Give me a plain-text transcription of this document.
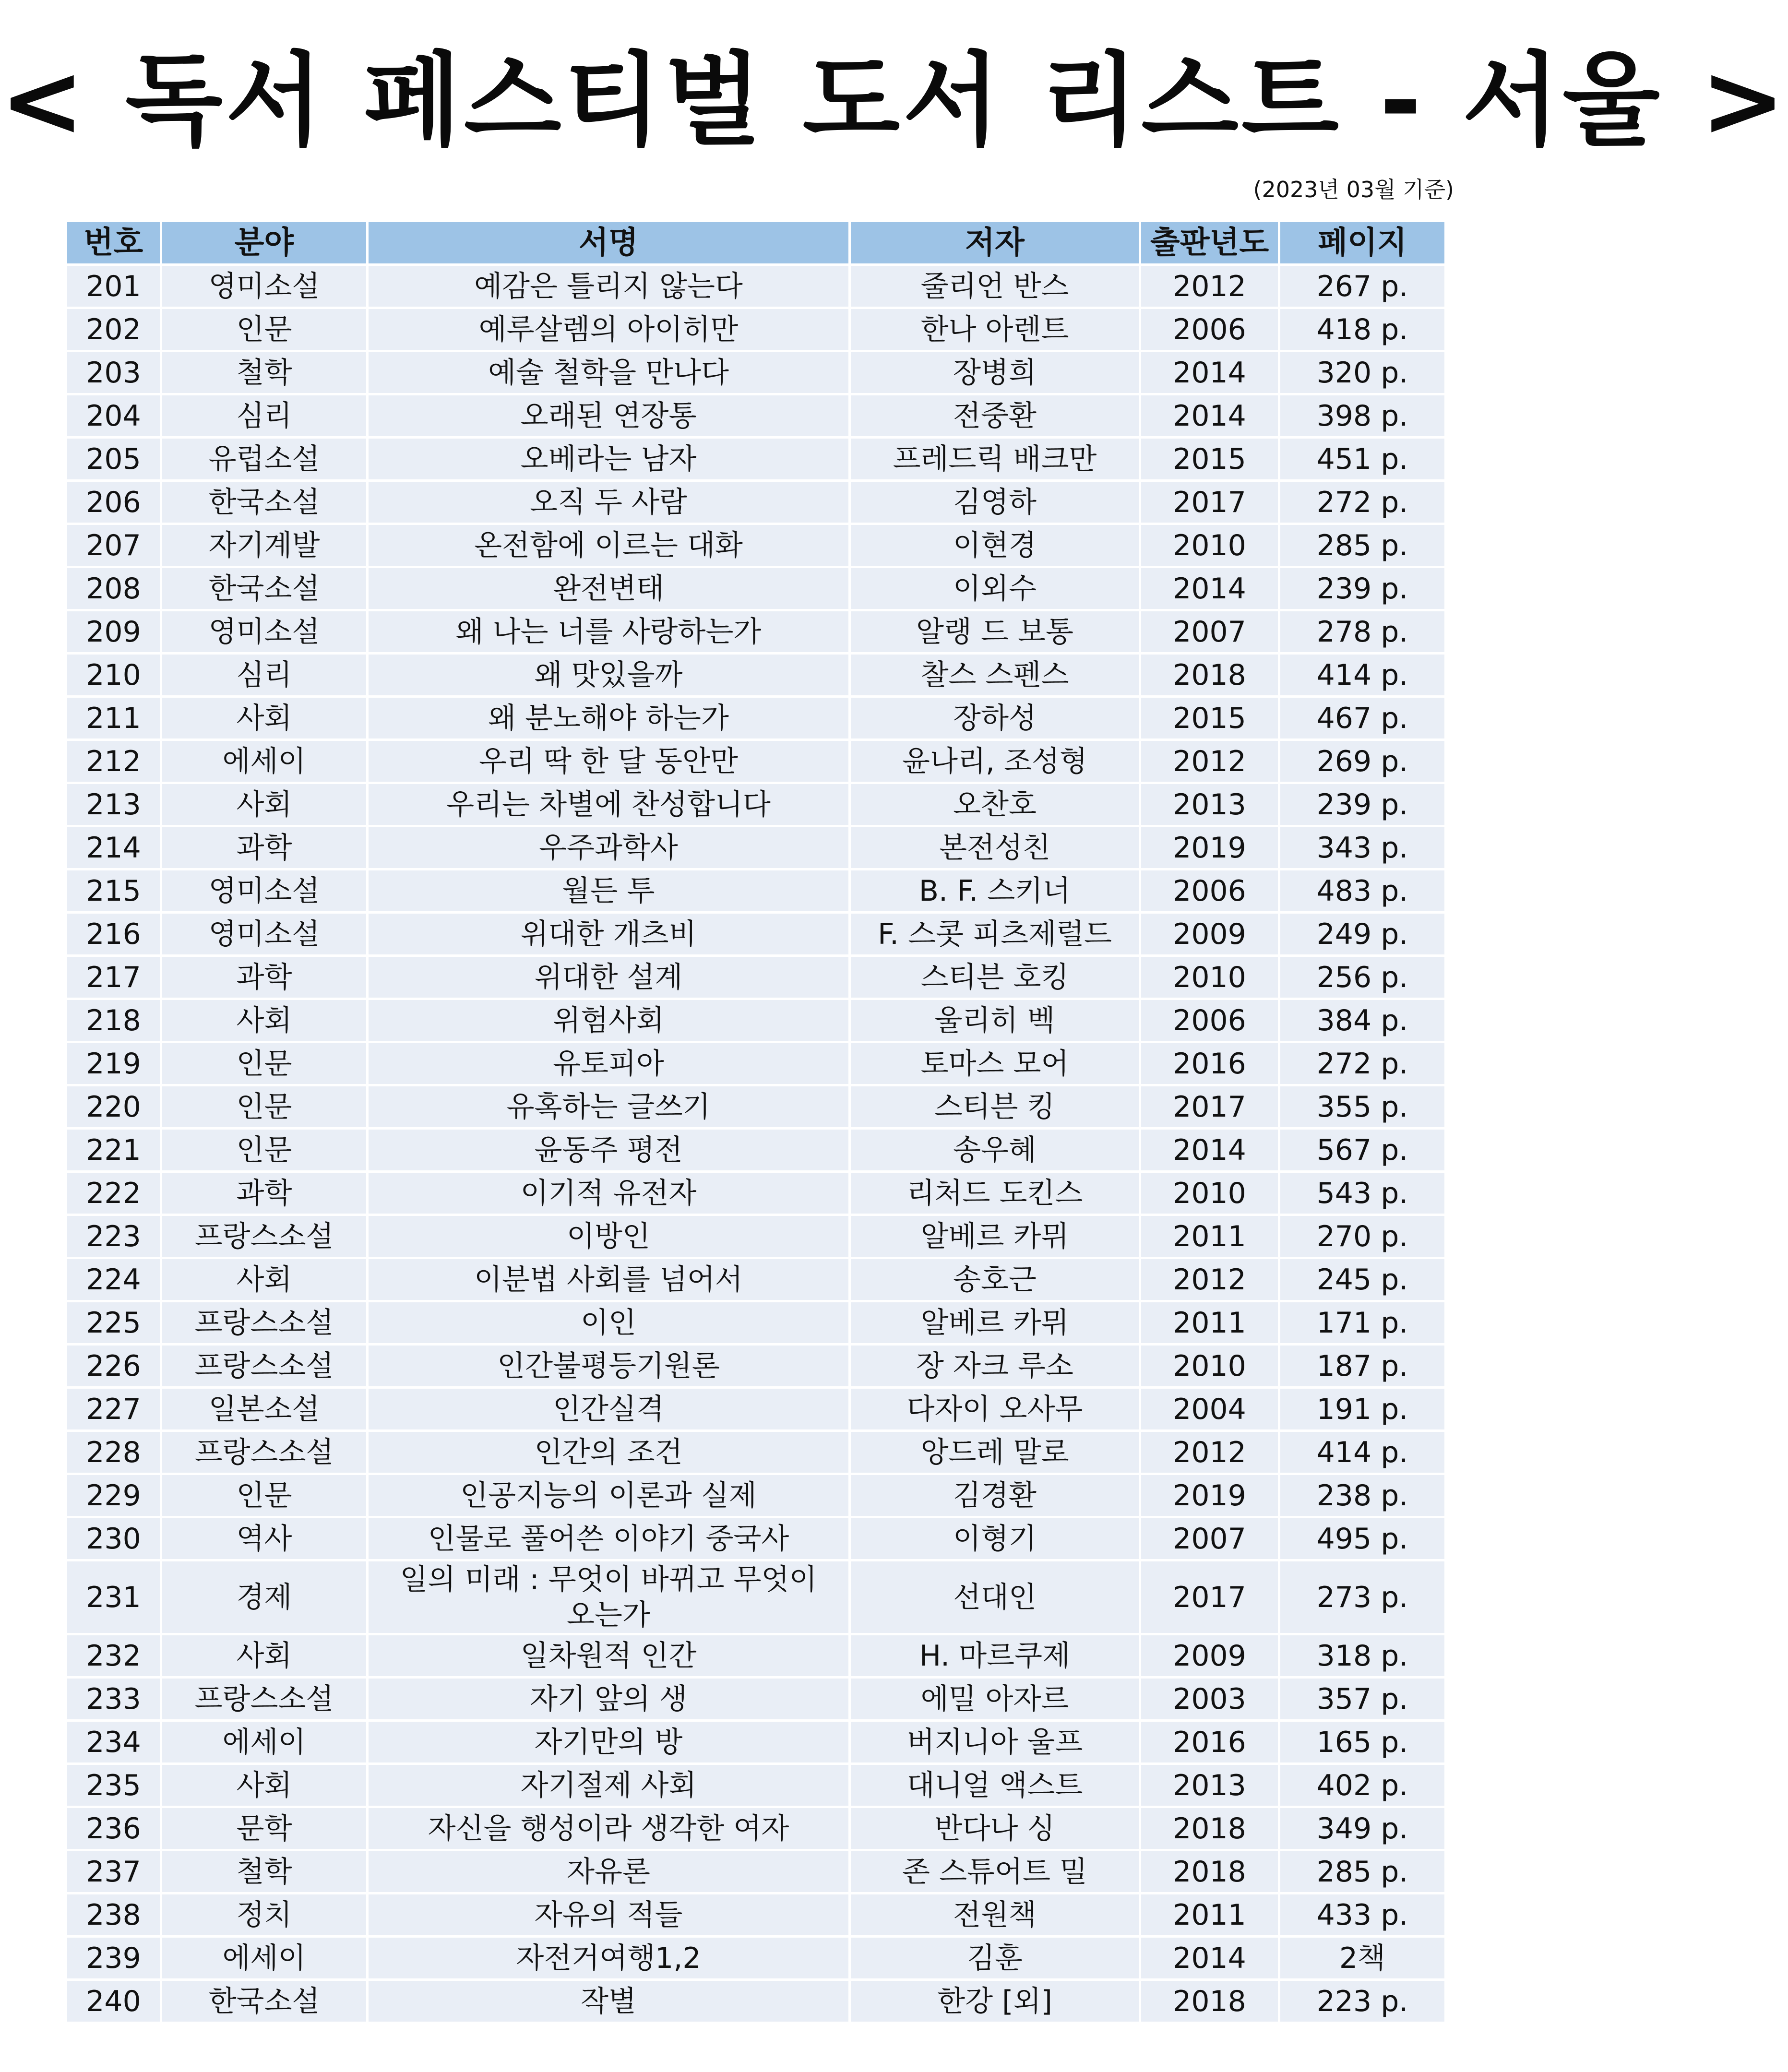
< 독서 페스티벌 도서 리스트 - 서울 >
(2023년 03월 기준)
번호	분야	서명	저자	출판년도	페이지
201	영미소설	예감은 틀리지 않는다	줄리언 반스	2012	267 p.
202	인문	예루살렘의 아이히만	한나 아렌트	2006	418 p.
203	철학	예술 철학을 만나다	장병희	2014	320 p.
204	심리	오래된 연장통	전중환	2014	398 p.
205	유럽소설	오베라는 남자	프레드릭 배크만	2015	451 p.
206	한국소설	오직 두 사람	김영하	2017	272 p.
207	자기계발	온전함에 이르는 대화	이현경	2010	285 p.
208	한국소설	완전변태	이외수	2014	239 p.
209	영미소설	왜 나는 너를 사랑하는가	알랭 드 보통	2007	278 p.
210	심리	왜 맛있을까	찰스 스펜스	2018	414 p.
211	사회	왜 분노해야 하는가	장하성	2015	467 p.
212	에세이	우리 딱 한 달 동안만	윤나리, 조성형	2012	269 p.
213	사회	우리는 차별에 찬성합니다	오찬호	2013	239 p.
214	과학	우주과학사	본전성친	2019	343 p.
215	영미소설	월든 투	B. F. 스키너	2006	483 p.
216	영미소설	위대한 개츠비	F. 스콧 피츠제럴드	2009	249 p.
217	과학	위대한 설계	스티븐 호킹	2010	256 p.
218	사회	위험사회	울리히 벡	2006	384 p.
219	인문	유토피아	토마스 모어	2016	272 p.
220	인문	유혹하는 글쓰기	스티븐 킹	2017	355 p.
221	인문	윤동주 평전	송우혜	2014	567 p.
222	과학	이기적 유전자	리처드 도킨스	2010	543 p.
223	프랑스소설	이방인	알베르 카뮈	2011	270 p.
224	사회	이분법 사회를 넘어서	송호근	2012	245 p.
225	프랑스소설	이인	알베르 카뮈	2011	171 p.
226	프랑스소설	인간불평등기원론	장 자크 루소	2010	187 p.
227	일본소설	인간실격	다자이 오사무	2004	191 p.
228	프랑스소설	인간의 조건	앙드레 말로	2012	414 p.
229	인문	인공지능의 이론과 실제	김경환	2019	238 p.
230	역사	인물로 풀어쓴 이야기 중국사	이형기	2007	495 p.
231	경제	일의 미래 : 무엇이 바뀌고 무엇이 오는가	선대인	2017	273 p.
232	사회	일차원적 인간	H. 마르쿠제	2009	318 p.
233	프랑스소설	자기 앞의 생	에밀 아자르	2003	357 p.
234	에세이	자기만의 방	버지니아 울프	2016	165 p.
235	사회	자기절제 사회	대니얼 액스트	2013	402 p.
236	문학	자신을 행성이라 생각한 여자	반다나 싱	2018	349 p.
237	철학	자유론	존 스튜어트 밀	2018	285 p.
238	정치	자유의 적들	전원책	2011	433 p.
239	에세이	자전거여행1,2	김훈	2014	2책
240	한국소설	작별	한강 [외]	2018	223 p.
